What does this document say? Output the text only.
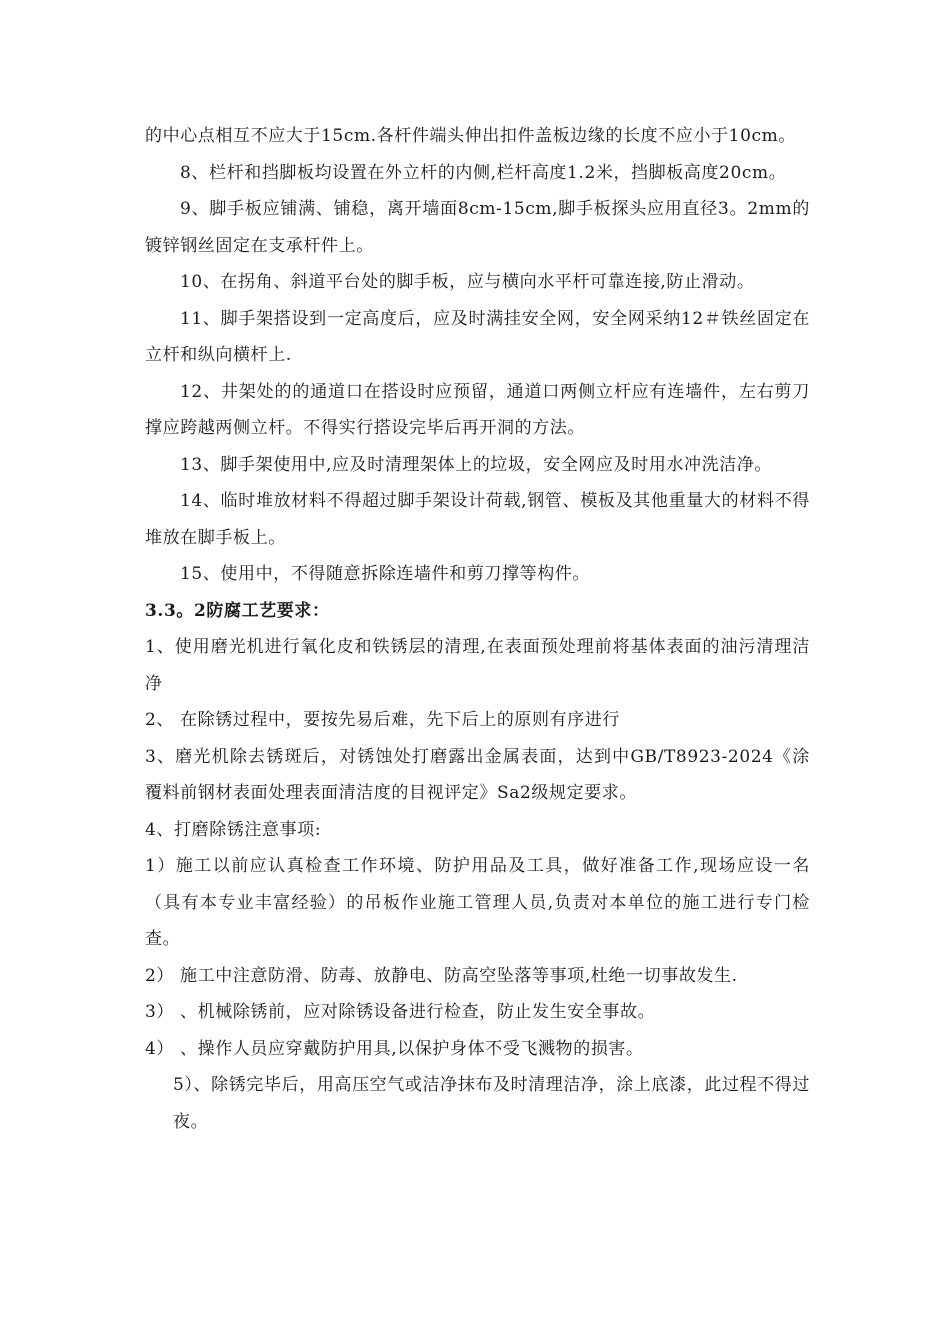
的中心点相互不应大于15cm.各杆件端头伸出扣件盖板边缘的长度不应小于10cm。

8、栏杆和挡脚板均设置在外立杆的内侧,栏杆高度1.2米，挡脚板高度20cm。

9、脚手板应铺满、铺稳，离开墙面8cm-15cm,脚手板探头应用直径3。2mm的镀锌钢丝固定在支承杆件上。

10、在拐角、斜道平台处的脚手板，应与横向水平杆可靠连接,防止滑动。

11、脚手架搭设到一定高度后，应及时满挂安全网，安全网采纳12＃铁丝固定在立杆和纵向横杆上.

12、井架处的的通道口在搭设时应预留，通道口两侧立杆应有连墙件，左右剪刀撑应跨越两侧立杆。不得实行搭设完毕后再开洞的方法。

13、脚手架使用中,应及时清理架体上的垃圾，安全网应及时用水冲洗洁净。

14、临时堆放材料不得超过脚手架设计荷载,钢管、模板及其他重量大的材料不得堆放在脚手板上。

15、使用中，不得随意拆除连墙件和剪刀撑等构件。

3.3。2防腐工艺要求：

1、使用磨光机进行氧化皮和铁锈层的清理,在表面预处理前将基体表面的油污清理洁净

2、 在除锈过程中，要按先易后难，先下后上的原则有序进行

3、磨光机除去锈斑后，对锈蚀处打磨露出金属表面，达到中GB/T8923-2024《涂覆料前钢材表面处理表面清洁度的目视评定》Sa2级规定要求。

4、打磨除锈注意事项:

1）施工以前应认真检查工作环境、防护用品及工具，做好准备工作,现场应设一名（具有本专业丰富经验）的吊板作业施工管理人员,负责对本单位的施工进行专门检查。

2） 施工中注意防滑、防毒、放静电、防高空坠落等事项,杜绝一切事故发生.

3） 、机械除锈前，应对除锈设备进行检查，防止发生安全事故。

4） 、操作人员应穿戴防护用具,以保护身体不受飞溅物的损害。

5）、除锈完毕后，用高压空气或洁净抹布及时清理洁净，涂上底漆，此过程不得过夜。
